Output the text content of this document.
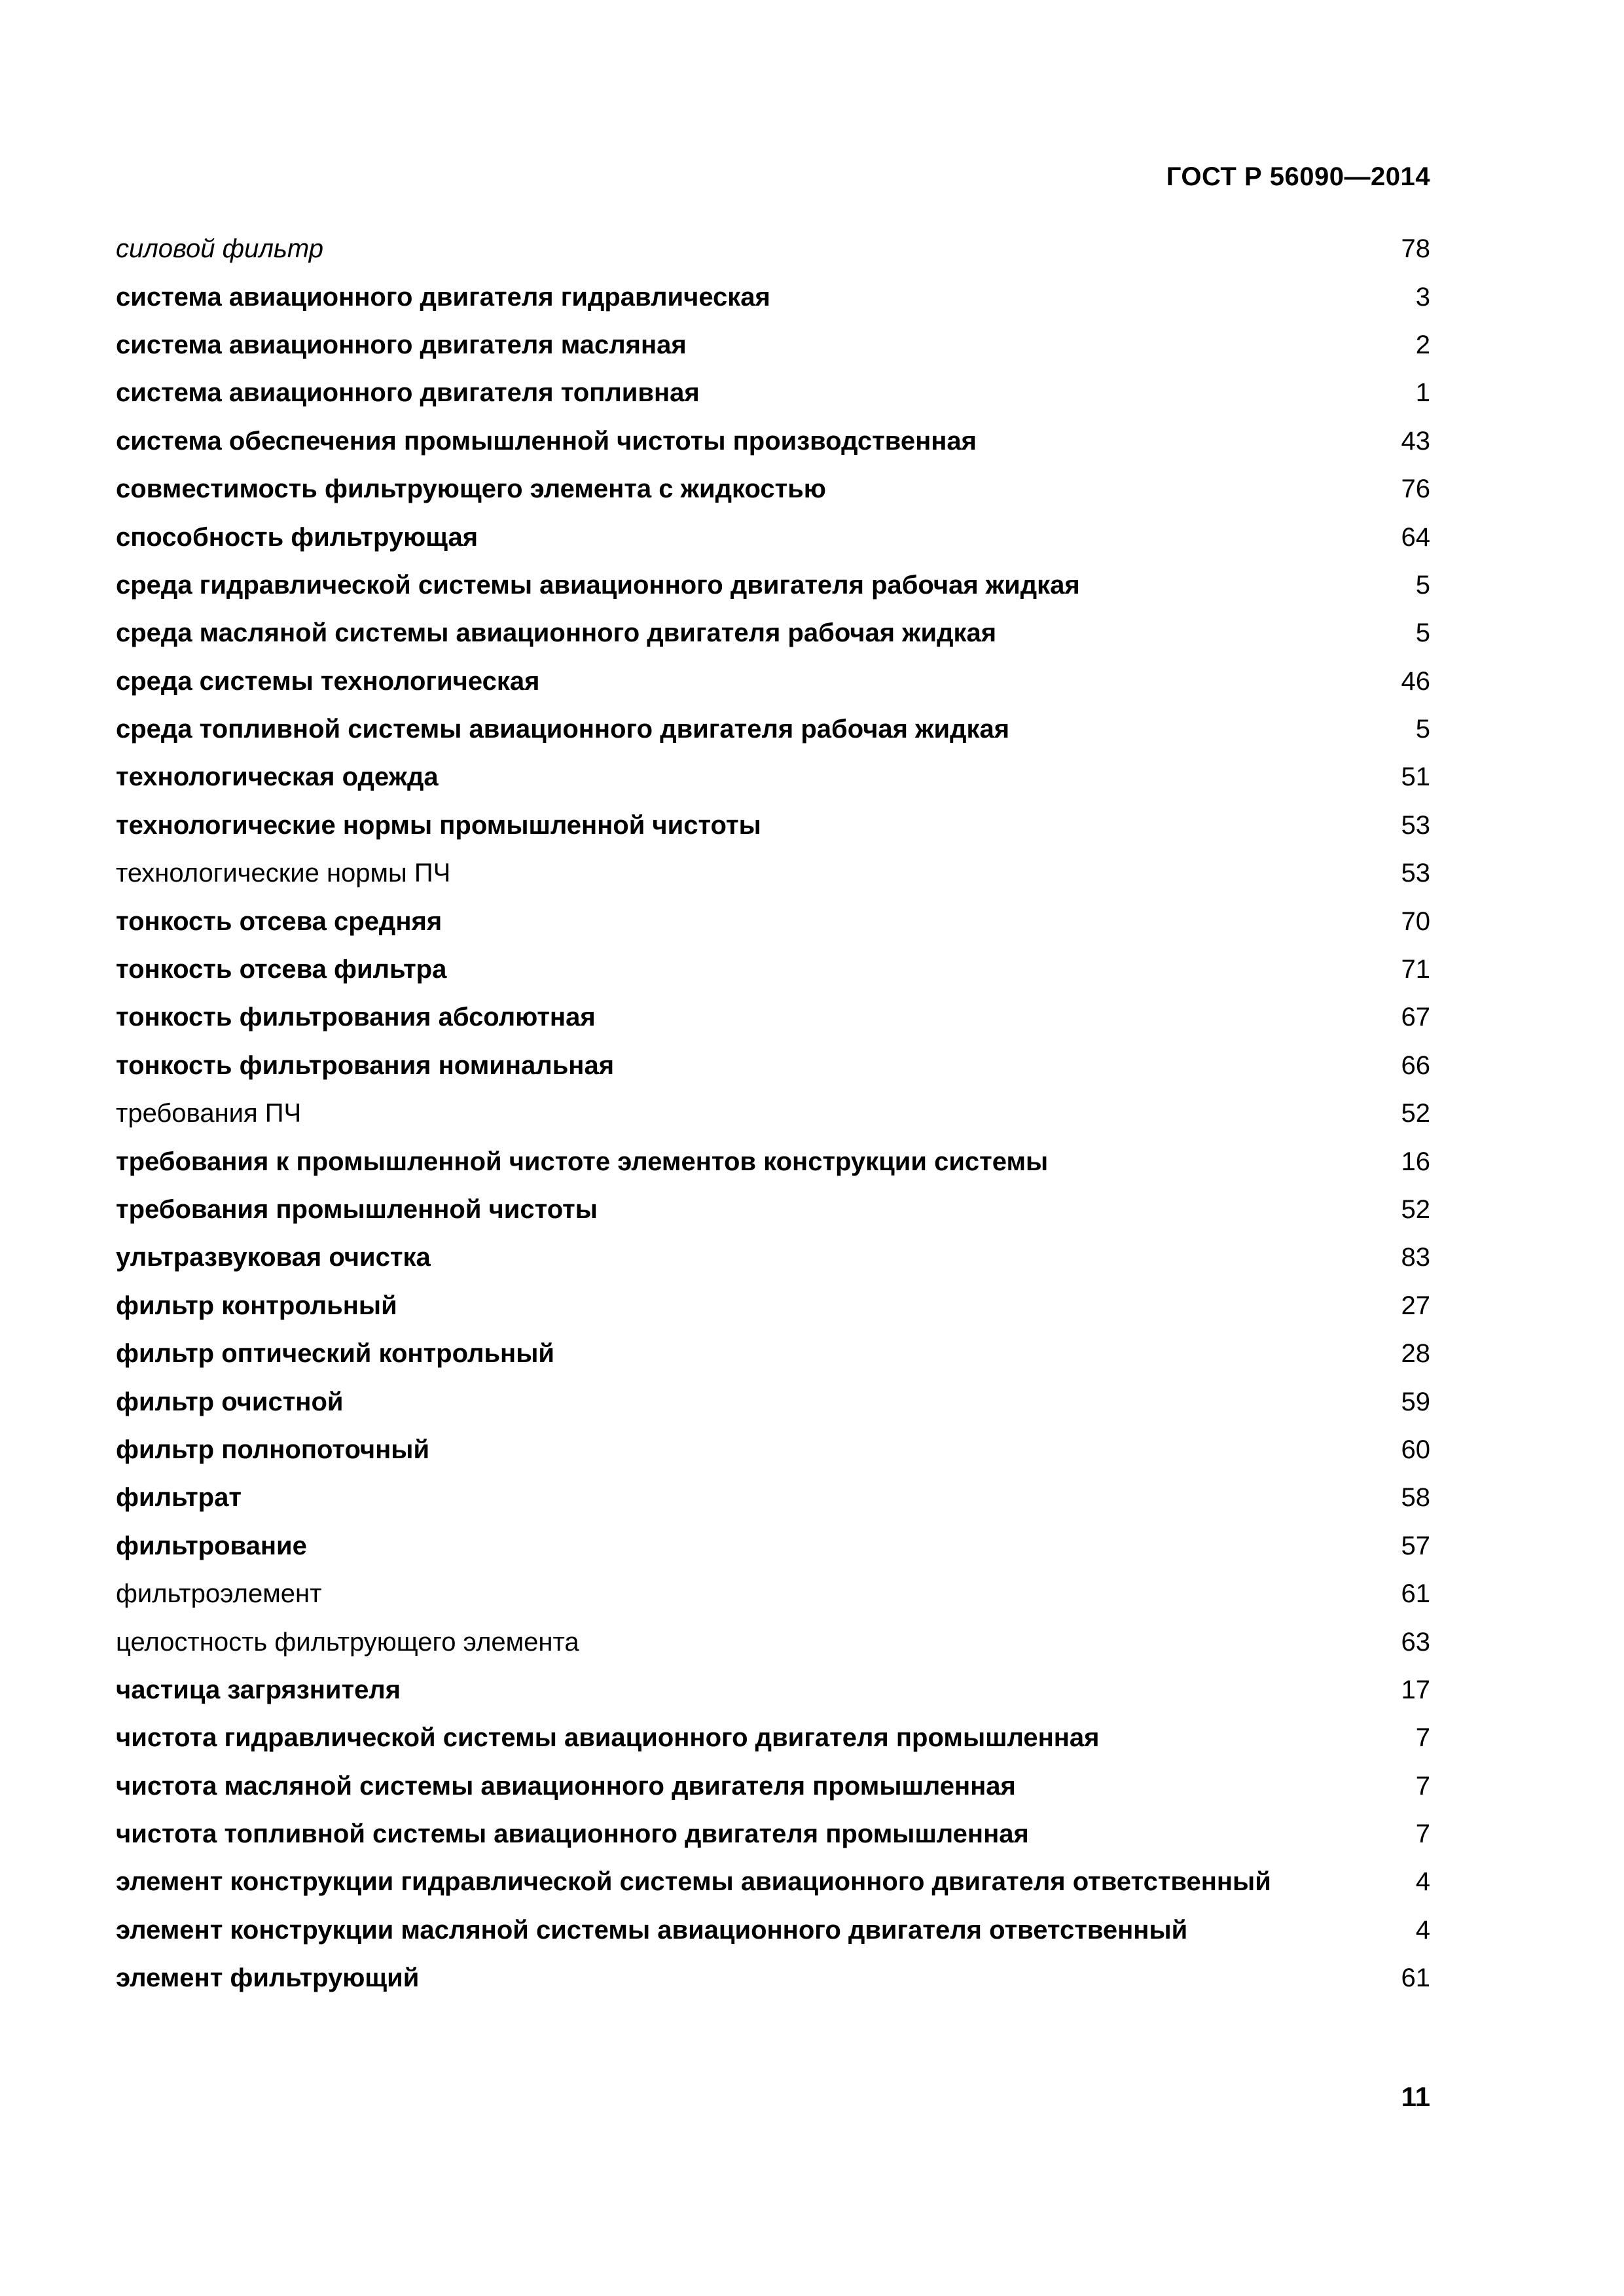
ГОСТ Р 56090—2014
силовой фильтр	78
система авиационного двигателя гидравлическая	3
система авиационного двигателя масляная	2
система авиационного двигателя топливная	1
система обеспечения промышленной чистоты производственная	43
совместимость фильтрующего элемента с жидкостью	76
способность фильтрующая	64
среда гидравлической системы авиационного двигателя рабочая жидкая	5
среда масляной системы авиационного двигателя рабочая жидкая	5
среда системы технологическая	46
среда топливной системы авиационного двигателя рабочая жидкая	5
технологическая одежда	51
технологические нормы промышленной чистоты	53
технологические нормы ПЧ	53
тонкость отсева средняя	70
тонкость отсева фильтра	71
тонкость фильтрования абсолютная	67
тонкость фильтрования номинальная	66
требования ПЧ	52
требования к промышленной чистоте элементов конструкции системы	16
требования промышленной чистоты	52
ультразвуковая очистка	83
фильтр контрольный	27
фильтр оптический контрольный	28
фильтр очистной	59
фильтр полнопоточный	60
фильтрат	58
фильтрование	57
фильтроэлемент	61
целостность фильтрующего элемента	63
частица загрязнителя	17
чистота гидравлической системы авиационного двигателя промышленная	7
чистота масляной системы авиационного двигателя промышленная	7
чистота топливной системы авиационного двигателя промышленная	7
элемент конструкции гидравлической системы авиационного двигателя ответственный	4
элемент конструкции масляной системы авиационного двигателя ответственный	4
элемент фильтрующий	61
11
